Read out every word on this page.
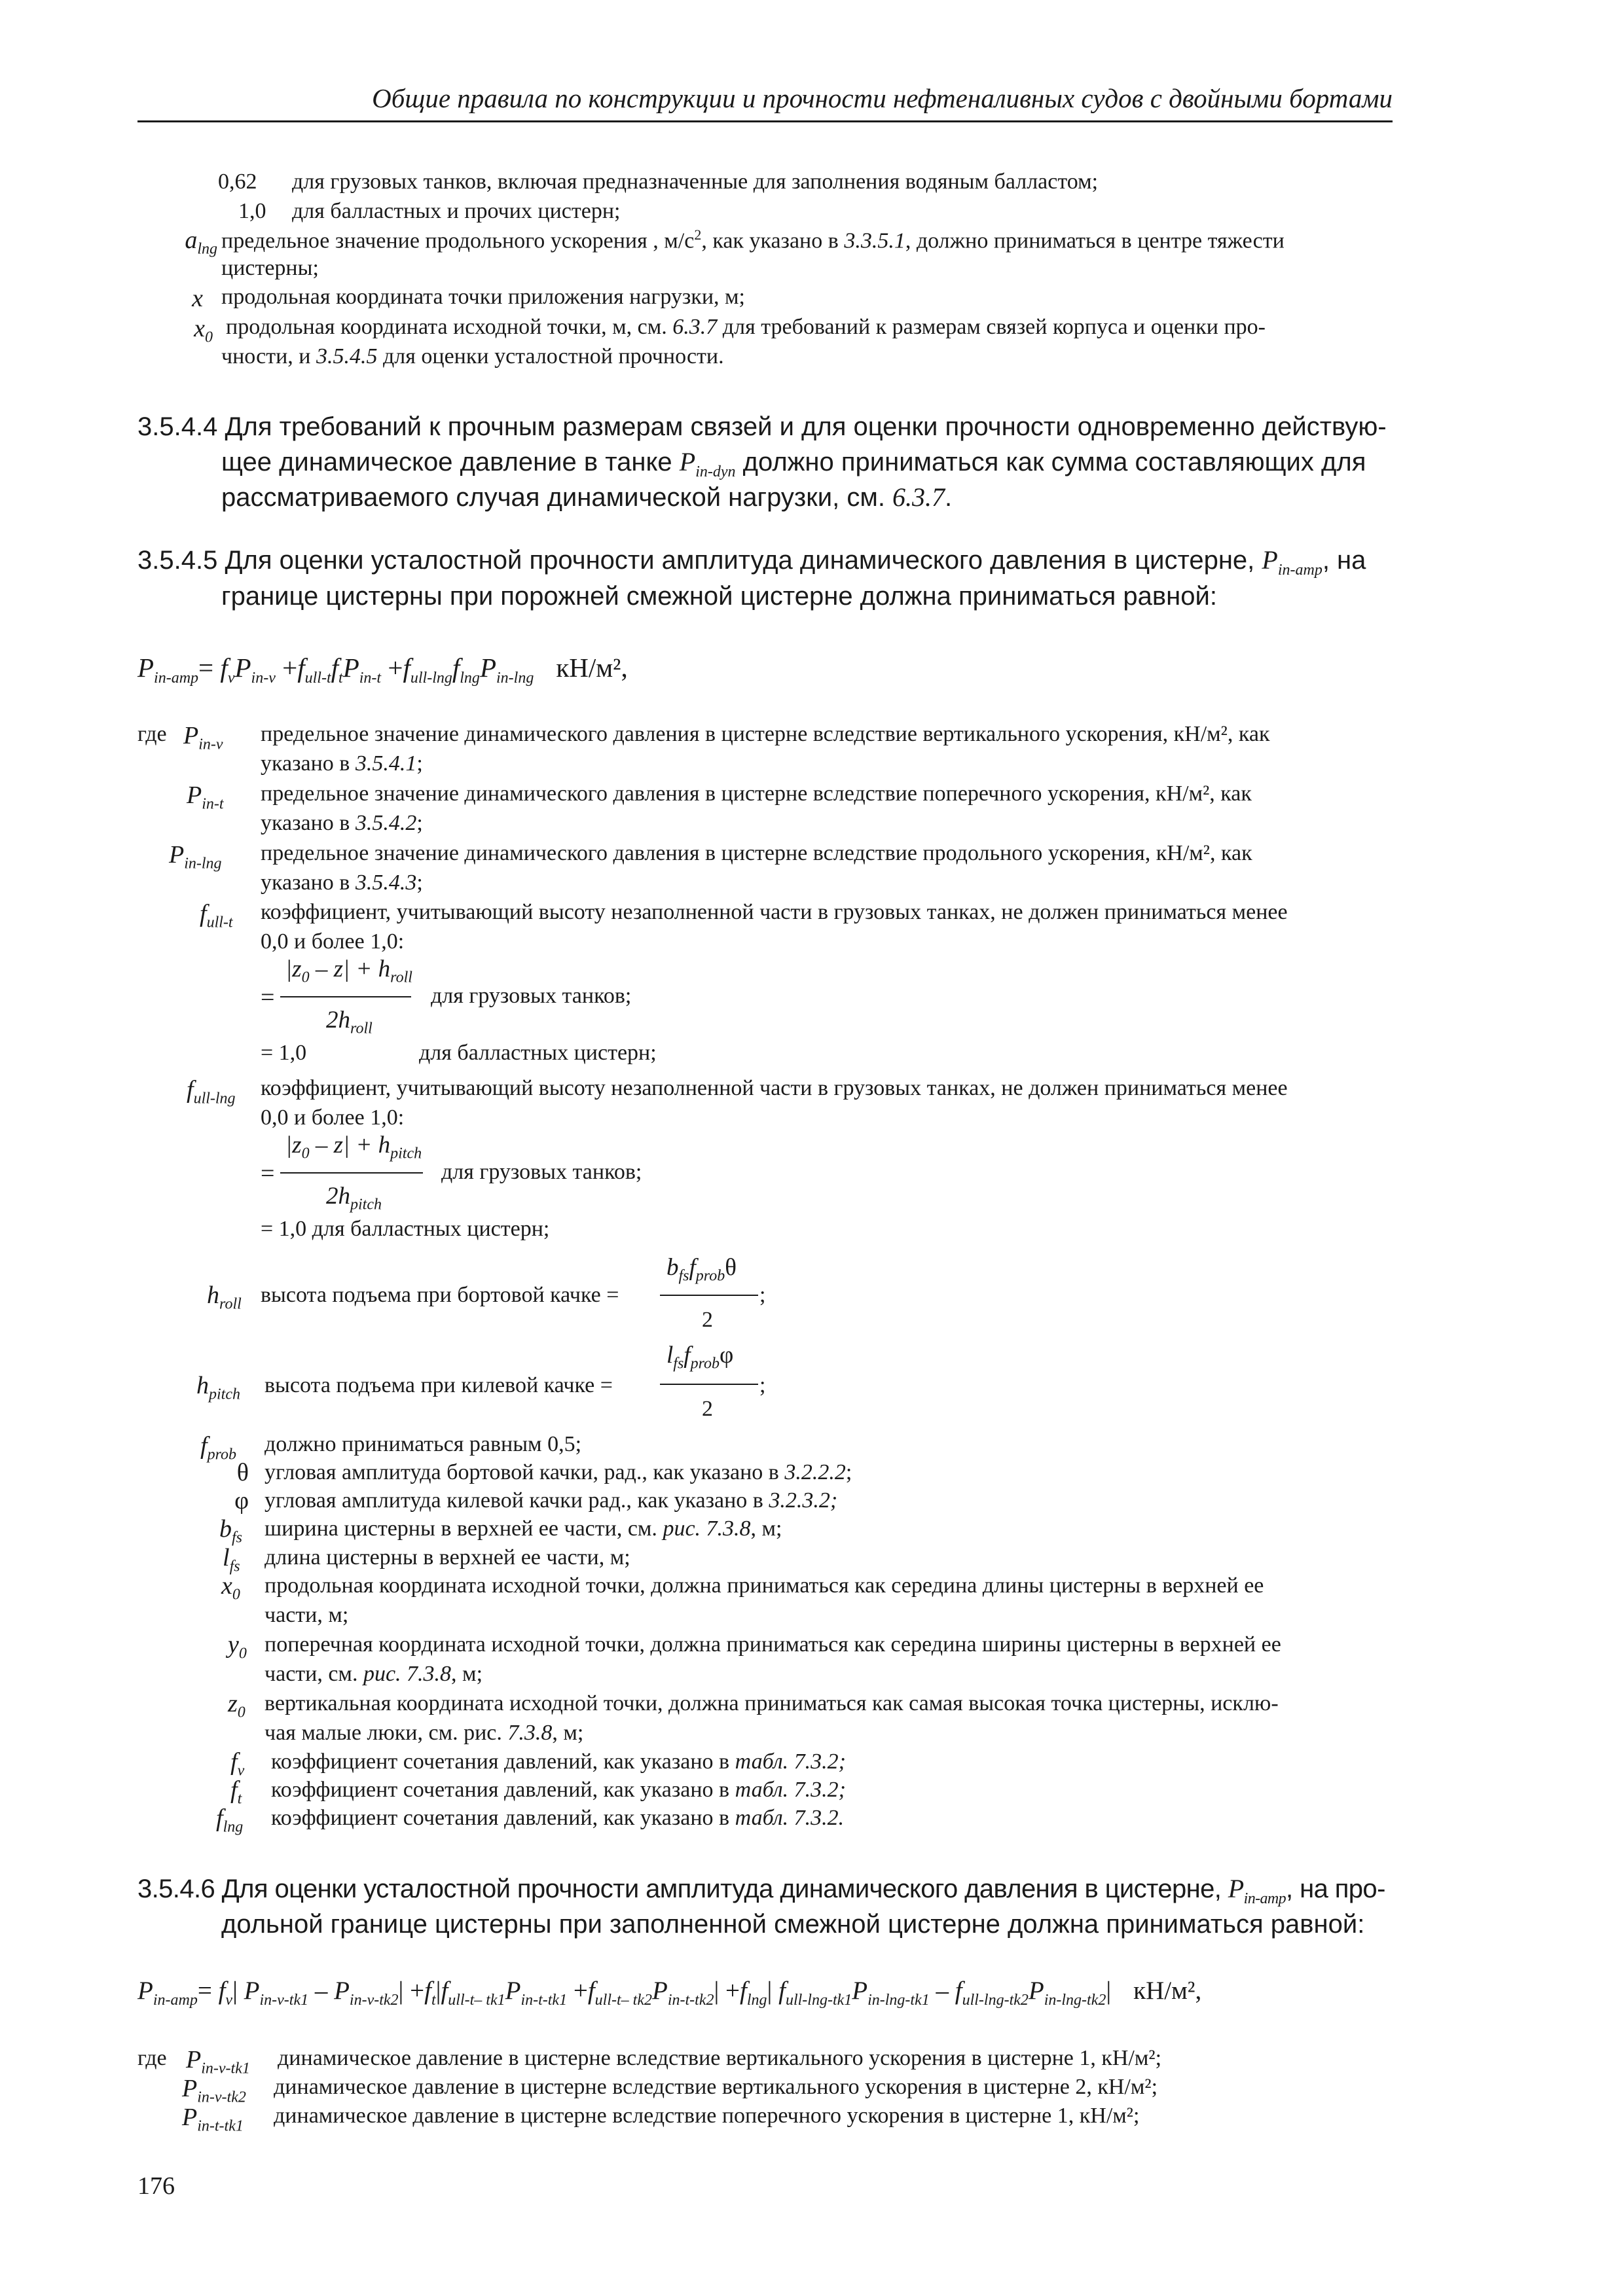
Общие правила по конструкции и прочности нефтеналивных судов с двойными бортами
0,62 для грузовых танков, включая предназначенные для заполнения водяным балластом;
1,0 для балластных и прочих цистерн;
$a_{lng}$ предельное значение продольного ускорения , $м/с^2$, как указано в 3.3.5.1, должно приниматься в центре тяжести
цистерны;
x продольная координата точки приложения нагрузки, м;
$x_0$ продольная координата исходной точки, м, см. 6.3.7 для требований к размерам связей корпуса и оценки про-
чности, и 3.5.4.5 для оценки усталостной прочности.
3.5.4.4 Для требований к прочным размерам связей и для оценки прочности одновременно действую-
щее динамическое давление в танке $P_{in-dyn}$ должно приниматься как сумма составляющих для
рассматриваемого случая динамической нагрузки, см. 6.3.7.
3.5.4.5 Для оценки усталостной прочности амплитуда динамического давления в цистерне, $P_{in-amp}$, на
границе цистерны при порожней смежной цистерне должна приниматься равной:
$P_{in-amp}= f_vP_{in-v} +f_{ull-t}f_tP_{in-t} +f_{ull-lng}f_{lng}P_{in-lng}$ кН/м²,
где $P_{in-v}$	предельное значение динамического давления в цистерне вследствие вертикального ускорения, кН/м², как
указано в 3.5.4.1;
$P_{in-t}$	предельное значение динамического давления в цистерне вследствие поперечного ускорения, кН/м², как
указано в 3.5.4.2;
$P_{in-lng}$	предельное значение динамического давления в цистерне вследствие продольного ускорения, кН/м², как
указано в 3.5.4.3;
$f_{ull-t}$	коэффициент, учитывающий высоту незаполненной части в грузовых танках, не должен приниматься менее
0,0 и более 1,0:
$|z_0 - z| + h_{roll}$
=
$2h_{roll}$
для грузовых танков;
= 1,0	для балластных цистерн;
$f_{ull-lng}$	коэффициент, учитывающий высоту незаполненной части в грузовых танках, не должен приниматься менее
0,0 и более 1,0:
$|z_0 - z| + h_{pitch}$
=
$2h_{pitch}$
для грузовых танков;
= 1,0 для балластных цистерн;
$b_{fs}f_{prob}\theta$
$h_{roll}$ высота подъема при бортовой качке =	;
2
$l_{fs}f_{prob}\varphi$
$h_{pitch}$	высота подъема при килевой качке =	;
2
$f_{prob}$	должно приниматься равным 0,5;
θ угловая амплитуда бортовой качки, рад., как указано в 3.2.2.2;
φ угловая амплитуда килевой качки рад., как указано в 3.2.3.2;
$b_{fs}$ ширина цистерны в верхней ее части, см. рис. 7.3.8, м;
$l_{fs}$	длина цистерны в верхней ее части, м;
$x_0$	продольная координата исходной точки, должна приниматься как середина длины цистерны в верхней ее
части, м;
$y_0$ поперечная координата исходной точки, должна приниматься как середина ширины цистерны в верхней ее
части, см. рис. 7.3.8, м;
$z_0$ вертикальная координата исходной точки, должна приниматься как самая высокая точка цистерны, исклю-
чая малые люки, см. рис. 7.3.8, м;
$f_v$	коэффициент сочетания давлений, как указано в табл. 7.3.2;
$f_t$	коэффициент сочетания давлений, как указано в табл. 7.3.2;
$f_{lng}$	коэффициент сочетания давлений, как указано в табл. 7.3.2.
3.5.4.6 Для оценки усталостной прочности амплитуда динамического давления в цистерне, $P_{in-amp}$, на про-
дольной границе цистерны при заполненной смежной цистерне должна приниматься равной:
$P_{in-amp}= f_v|$ $P_{in-v-tk1} - P_{in-v-tk2}| +f_t|f_{ull-t- tk1}P_{in-t-tk1} +f_{ull-t- tk2}P_{in-t-tk2}| +f_{lng}|$ $f_{ull-lng-tk1}P_{in-lng-tk1} - f_{ull-lng-tk2}P_{in-lng-tk2}|$ кН/м²,
где $P_{in-v-tk1}$	динамическое давление в цистерне вследствие вертикального ускорения в цистерне 1, кН/м²;
$P_{in-v-tk2}$	динамическое давление в цистерне вследствие вертикального ускорения в цистерне 2, кН/м²;
$P_{in-t-tk1}$	динамическое давление в цистерне вследствие поперечного ускорения в цистерне 1, кН/м²;
176
